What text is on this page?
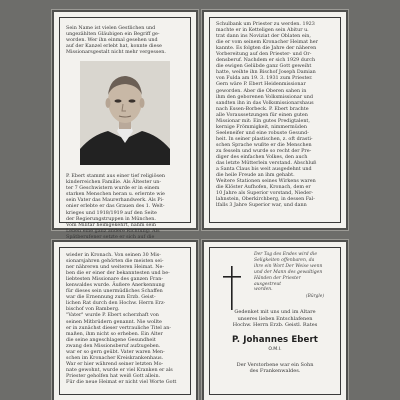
Sein Name ist vielen Gestlichen und
ungezählten Gläubigen ein Begriff ge-
worden. Wer ihn einmal gesehen und
auf der Kanzel erlebt hat, konnte diese
Missionarsgestalt nicht mehr vergessen.

P. Ebert stammt aus einer tief religiösen
kinderreichen Familie. Als Ältester un-
ter 7 Geschwistern wurde er in einem
starken Menschen heran u. erlernte wie
sein Vater das Maurerhandwerk. Als Pi-
onier erlebte er das Grauen des 1. Welt-
krieges und 1918/1919 auf den Seite
der Regierungstruppen in München.
Vom Militär heimgekehrt, nahm sein
Leben eine ganz andere Richtung: Als
Spätberufener setzte er sich auf die

Schulbank um Priester zu werden. 1923
machte er in Ketteligen sein Abitur u.
trat dann ins Noviziat der Oblaten ein,
die er vom seinem Kronacher Heimat her
kannte. Es folgten die Jahre der näheren
Vorbereitung auf den Priester- und Or-
densberuf. Nachdem er sich 1929 durch
die ewigen Gelübde ganz Gott geweiht
hatte, weihte ihn Bischof Joseph Damian
von Fulda am 19. 3. 1931 zum Priester.
Gern wäre P. Ebert Heidenmissionar
geworden. Aber die Oberen sahen in
ihm den geborenen Volksmissionar und
sandten ihn in das Volksmissionarshaus
nach Essen-Borbeck. P. Ebert brachte
alle Voraussetzungen für einen guten
Missionar mit: Ein gutes Predigtalent,
kernige Frömmigkeit, nimmermüden
Seeleneifer und eine robuste Gesund-
heit. In seiner plastischen, z. oft drasti-
schen Sprache wußte er die Menschen
zu fesseln und wurde so recht der Pre-
diger des einfachen Volkes, den auch
das letzte Mütterlein verstand. Abschluß
a Santa Claus bis weit ausgedehnt und
die heile Freude an ihm gehabt.
Weitere Stationen seines Wirkens waren
die Klöster Aufhofen, Kronach, dem er
10 Jahre als Superior vorstand, Nieder-
lahnstein, Oberkirchberg, in dessen Fal-
lfalls 3 Jahre Superior war, und dann

wieder in Kronach. Von seinen 30 Mis-
sionarsjahren gehörten die meisten sei-
ner nähreren und weiteren Heimat. Ne-
ben die er einer der bekanntesten und be-
liebtesten Missionare des ganzen Fran-
kenwaldes wurde. Äußere Anerkennung
für dieses sein unermüdliches Schaffen
war die Ernennung zum Erzb. Geist-
lichen Rat durch den Hochw. Herrn Erz-
bischof von Bamberg.
"Vater" wurde P. Ebert scherzhaft von
seinen Mitbrüdern genannt. Nie wollte
er in zunächst dieser vertrauliche Titel an-
maßen, ihm nicht so erheben. Ein Alter
die seine angeschlagene Gesundheit
zwang den Missionsberuf aufzugeben.
war er so gern geübt. Vater waren Men-
schen im Kronacher Kreiskrankenhaus.
War er hier während seiner letzten Mo-
nate gewohnt, wurde er viel Kranken er als
Priester geholfen hat weiß Gott allein.
Für die neue Heimat er nicht viel Worte Gott

Der Tag des Endes wird die
Seligkeiten offenbaren, da
ihre ein Wort Der Weise wenn
und der Mann des gewaltigen
Händen der Priester ausgestreut
worden.

(Bürgle)

Gedenket mit uns und im Altare
unseres lieben Entschlafenen
Hochw. Herrn Erzb. Geistl. Rates

P. Johannes Ebert

O.M.I.

Der Verstorbene war ein Sohn
des Frankenwaldes.
